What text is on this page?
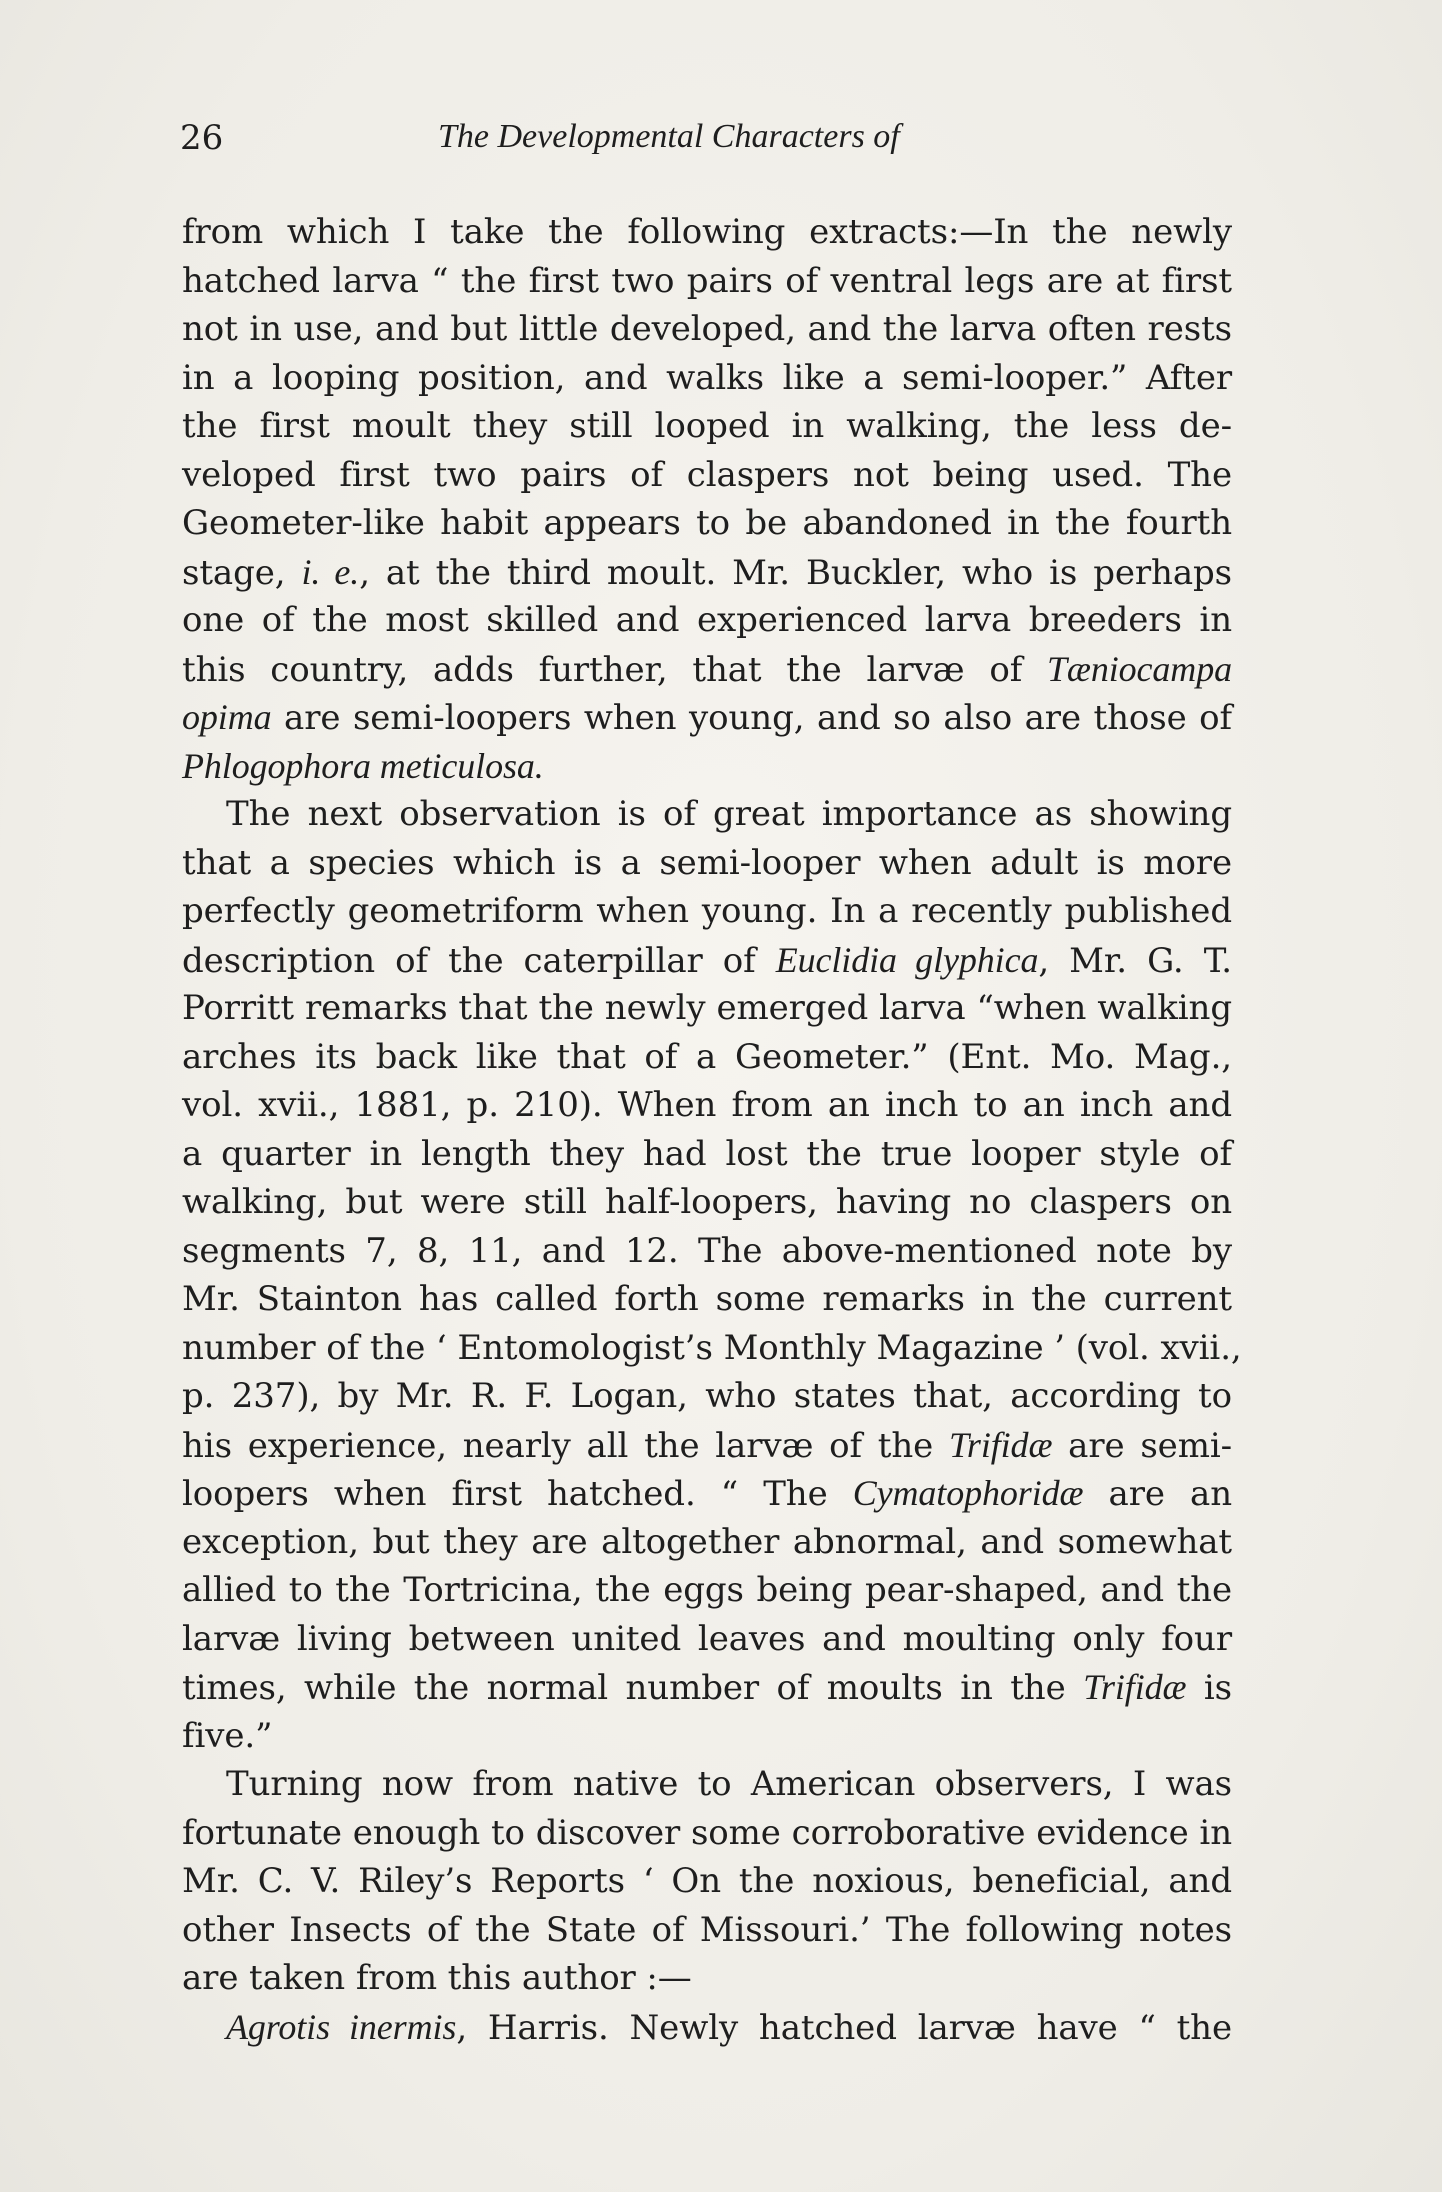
26	The Developmental Characters of
from which I take the following extracts:—In the newly
hatched larva “ the first two pairs of ventral legs are at first
not in use, and but little developed, and the larva often rests
in a looping position, and walks like a semi-looper.” After
the first moult they still looped in walking, the less de-
veloped first two pairs of claspers not being used. The
Geometer-like habit appears to be abandoned in the fourth
stage, i. e., at the third moult. Mr. Buckler, who is perhaps
one of the most skilled and experienced larva breeders in
this country, adds further, that the larvæ of Tæniocampa
opima are semi-loopers when young, and so also are those of
Phlogophora meticulosa.
The next observation is of great importance as showing
that a species which is a semi-looper when adult is more
perfectly geometriform when young. In a recently published
description of the caterpillar of Euclidia glyphica, Mr. G. T.
Porritt remarks that the newly emerged larva “when walking
arches its back like that of a Geometer.” (Ent. Mo. Mag.,
vol. xvii., 1881, p. 210). When from an inch to an inch and
a quarter in length they had lost the true looper style of
walking, but were still half-loopers, having no claspers on
segments 7, 8, 11, and 12. The above-mentioned note by
Mr. Stainton has called forth some remarks in the current
number of the ‘ Entomologist’s Monthly Magazine ’ (vol. xvii.,
p. 237), by Mr. R. F. Logan, who states that, according to
his experience, nearly all the larvæ of the Trifidæ are semi-
loopers when first hatched. “ The Cymatophoridæ are an
exception, but they are altogether abnormal, and somewhat
allied to the Tortricina, the eggs being pear-shaped, and the
larvæ living between united leaves and moulting only four
times, while the normal number of moults in the Trifidæ is
five.”
Turning now from native to American observers, I was
fortunate enough to discover some corroborative evidence in
Mr. C. V. Riley’s Reports ‘ On the noxious, beneficial, and
other Insects of the State of Missouri.’ The following notes
are taken from this author :—
Agrotis inermis, Harris. Newly hatched larvæ have “ the
